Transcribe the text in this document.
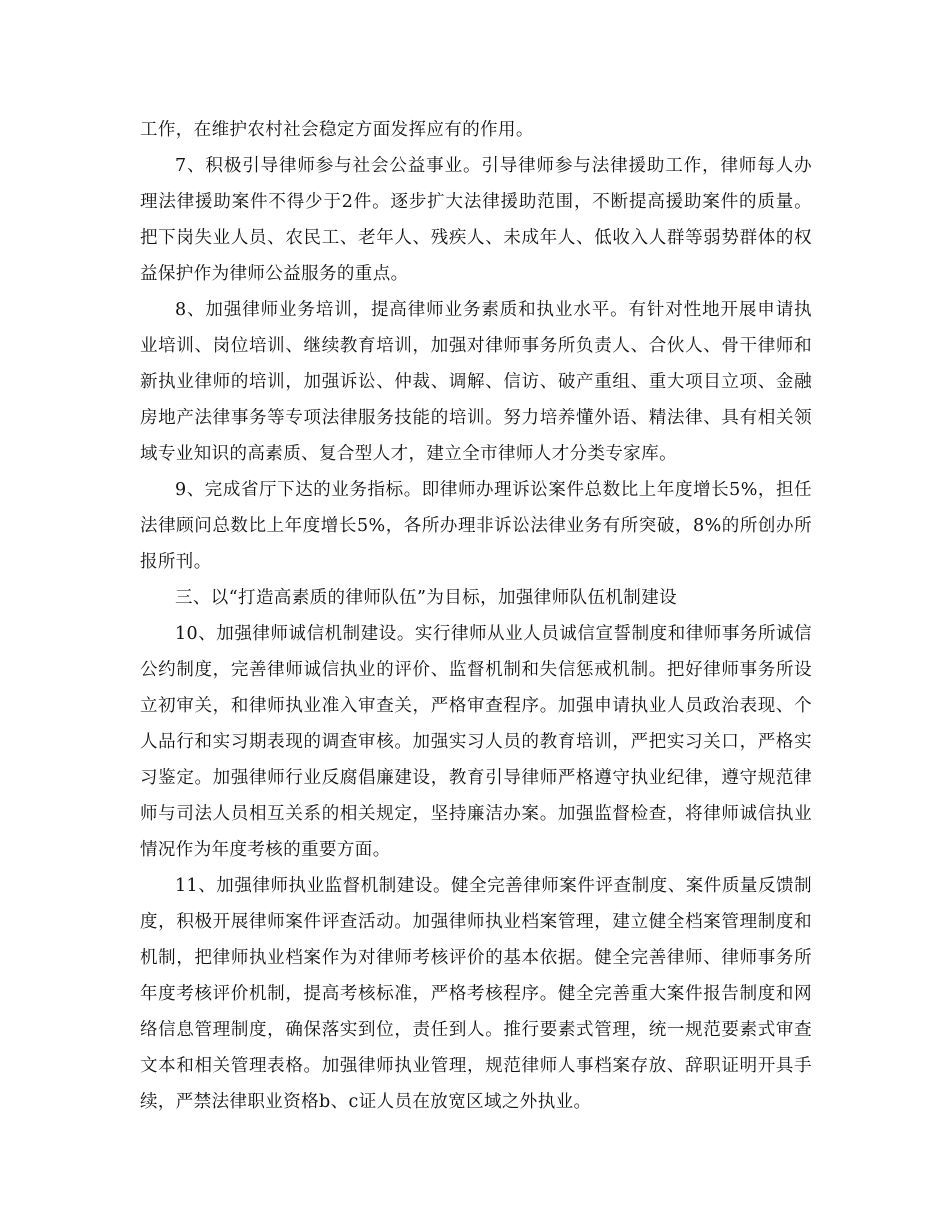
工作，在维护农村社会稳定方面发挥应有的作用。

7、积极引导律师参与社会公益事业。引导律师参与法律援助工作，律师每人办理法律援助案件不得少于2件。逐步扩大法律援助范围，不断提高援助案件的质量。把下岗失业人员、农民工、老年人、残疾人、未成年人、低收入人群等弱势群体的权益保护作为律师公益服务的重点。

8、加强律师业务培训，提高律师业务素质和执业水平。有针对性地开展申请执业培训、岗位培训、继续教育培训，加强对律师事务所负责人、合伙人、骨干律师和新执业律师的培训，加强诉讼、仲裁、调解、信访、破产重组、重大项目立项、金融房地产法律事务等专项法律服务技能的培训。努力培养懂外语、精法律、具有相关领域专业知识的高素质、复合型人才，建立全市律师人才分类专家库。

9、完成省厅下达的业务指标。即律师办理诉讼案件总数比上年度增长5%，担任法律顾问总数比上年度增长5%，各所办理非诉讼法律业务有所突破，8%的所创办所报所刊。

三、以“打造高素质的律师队伍”为目标，加强律师队伍机制建设

10、加强律师诚信机制建设。实行律师从业人员诚信宣誓制度和律师事务所诚信公约制度，完善律师诚信执业的评价、监督机制和失信惩戒机制。把好律师事务所设立初审关，和律师执业准入审查关，严格审查程序。加强申请执业人员政治表现、个人品行和实习期表现的调查审核。加强实习人员的教育培训，严把实习关口，严格实习鉴定。加强律师行业反腐倡廉建设，教育引导律师严格遵守执业纪律，遵守规范律师与司法人员相互关系的相关规定，坚持廉洁办案。加强监督检查，将律师诚信执业情况作为年度考核的重要方面。

11、加强律师执业监督机制建设。健全完善律师案件评查制度、案件质量反馈制度，积极开展律师案件评查活动。加强律师执业档案管理，建立健全档案管理制度和机制，把律师执业档案作为对律师考核评价的基本依据。健全完善律师、律师事务所年度考核评价机制，提高考核标准，严格考核程序。健全完善重大案件报告制度和网络信息管理制度，确保落实到位，责任到人。推行要素式管理，统一规范要素式审查文本和相关管理表格。加强律师执业管理，规范律师人事档案存放、辞职证明开具手续，严禁法律职业资格b、c证人员在放宽区域之外执业。
